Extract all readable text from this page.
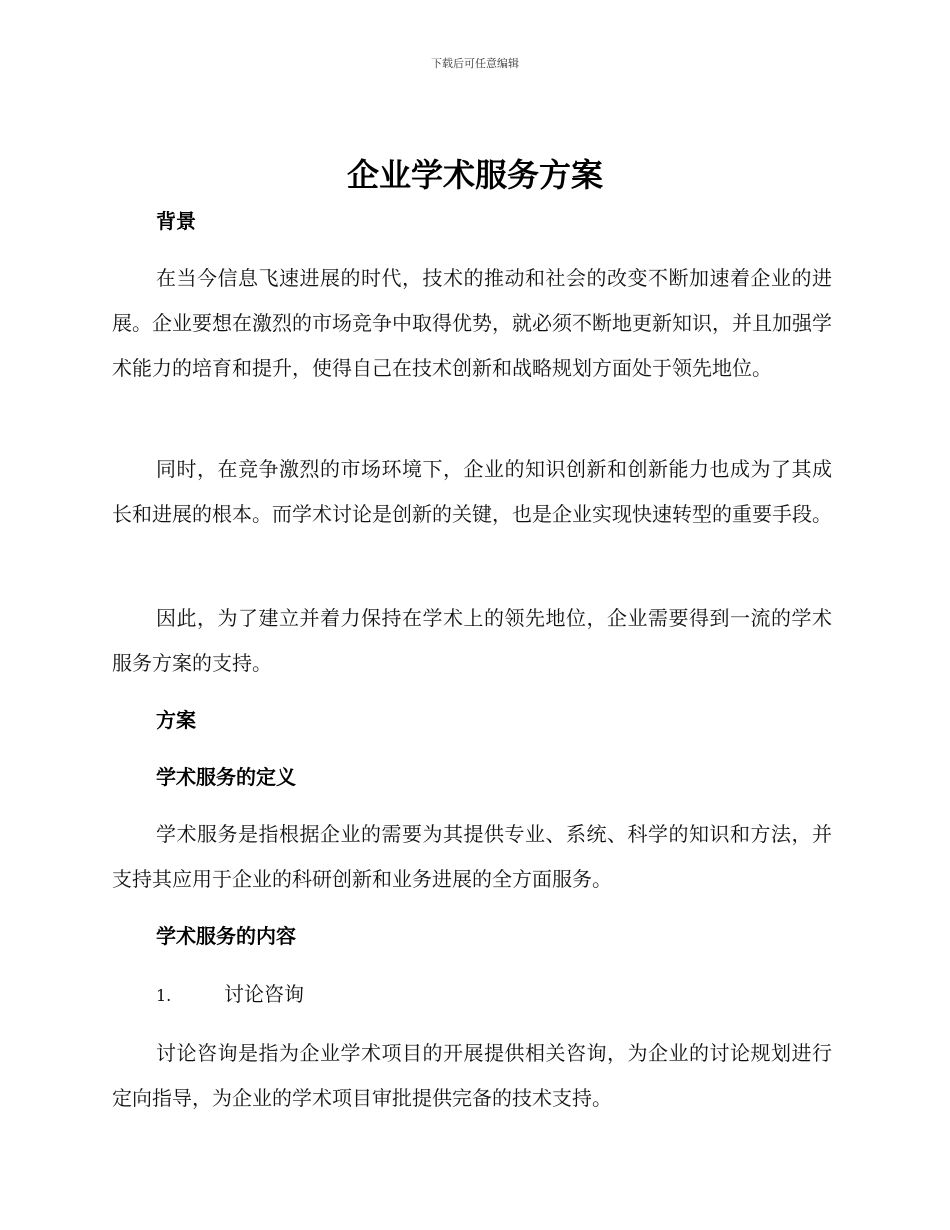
下载后可任意编辑
企业学术服务方案
背景

在当今信息飞速进展的时代，技术的推动和社会的改变不断加速着企业的进展。企业要想在激烈的市场竞争中取得优势，就必须不断地更新知识，并且加强学术能力的培育和提升，使得自己在技术创新和战略规划方面处于领先地位。

同时，在竞争激烈的市场环境下，企业的知识创新和创新能力也成为了其成长和进展的根本。而学术讨论是创新的关键，也是企业实现快速转型的重要手段。

因此，为了建立并着力保持在学术上的领先地位，企业需要得到一流的学术服务方案的支持。

方案
学术服务的定义

学术服务是指根据企业的需要为其提供专业、系统、科学的知识和方法，并支持其应用于企业的科研创新和业务进展的全方面服务。

学术服务的内容
1.	讨论咨询

讨论咨询是指为企业学术项目的开展提供相关咨询，为企业的讨论规划进行定向指导，为企业的学术项目审批提供完备的技术支持。
